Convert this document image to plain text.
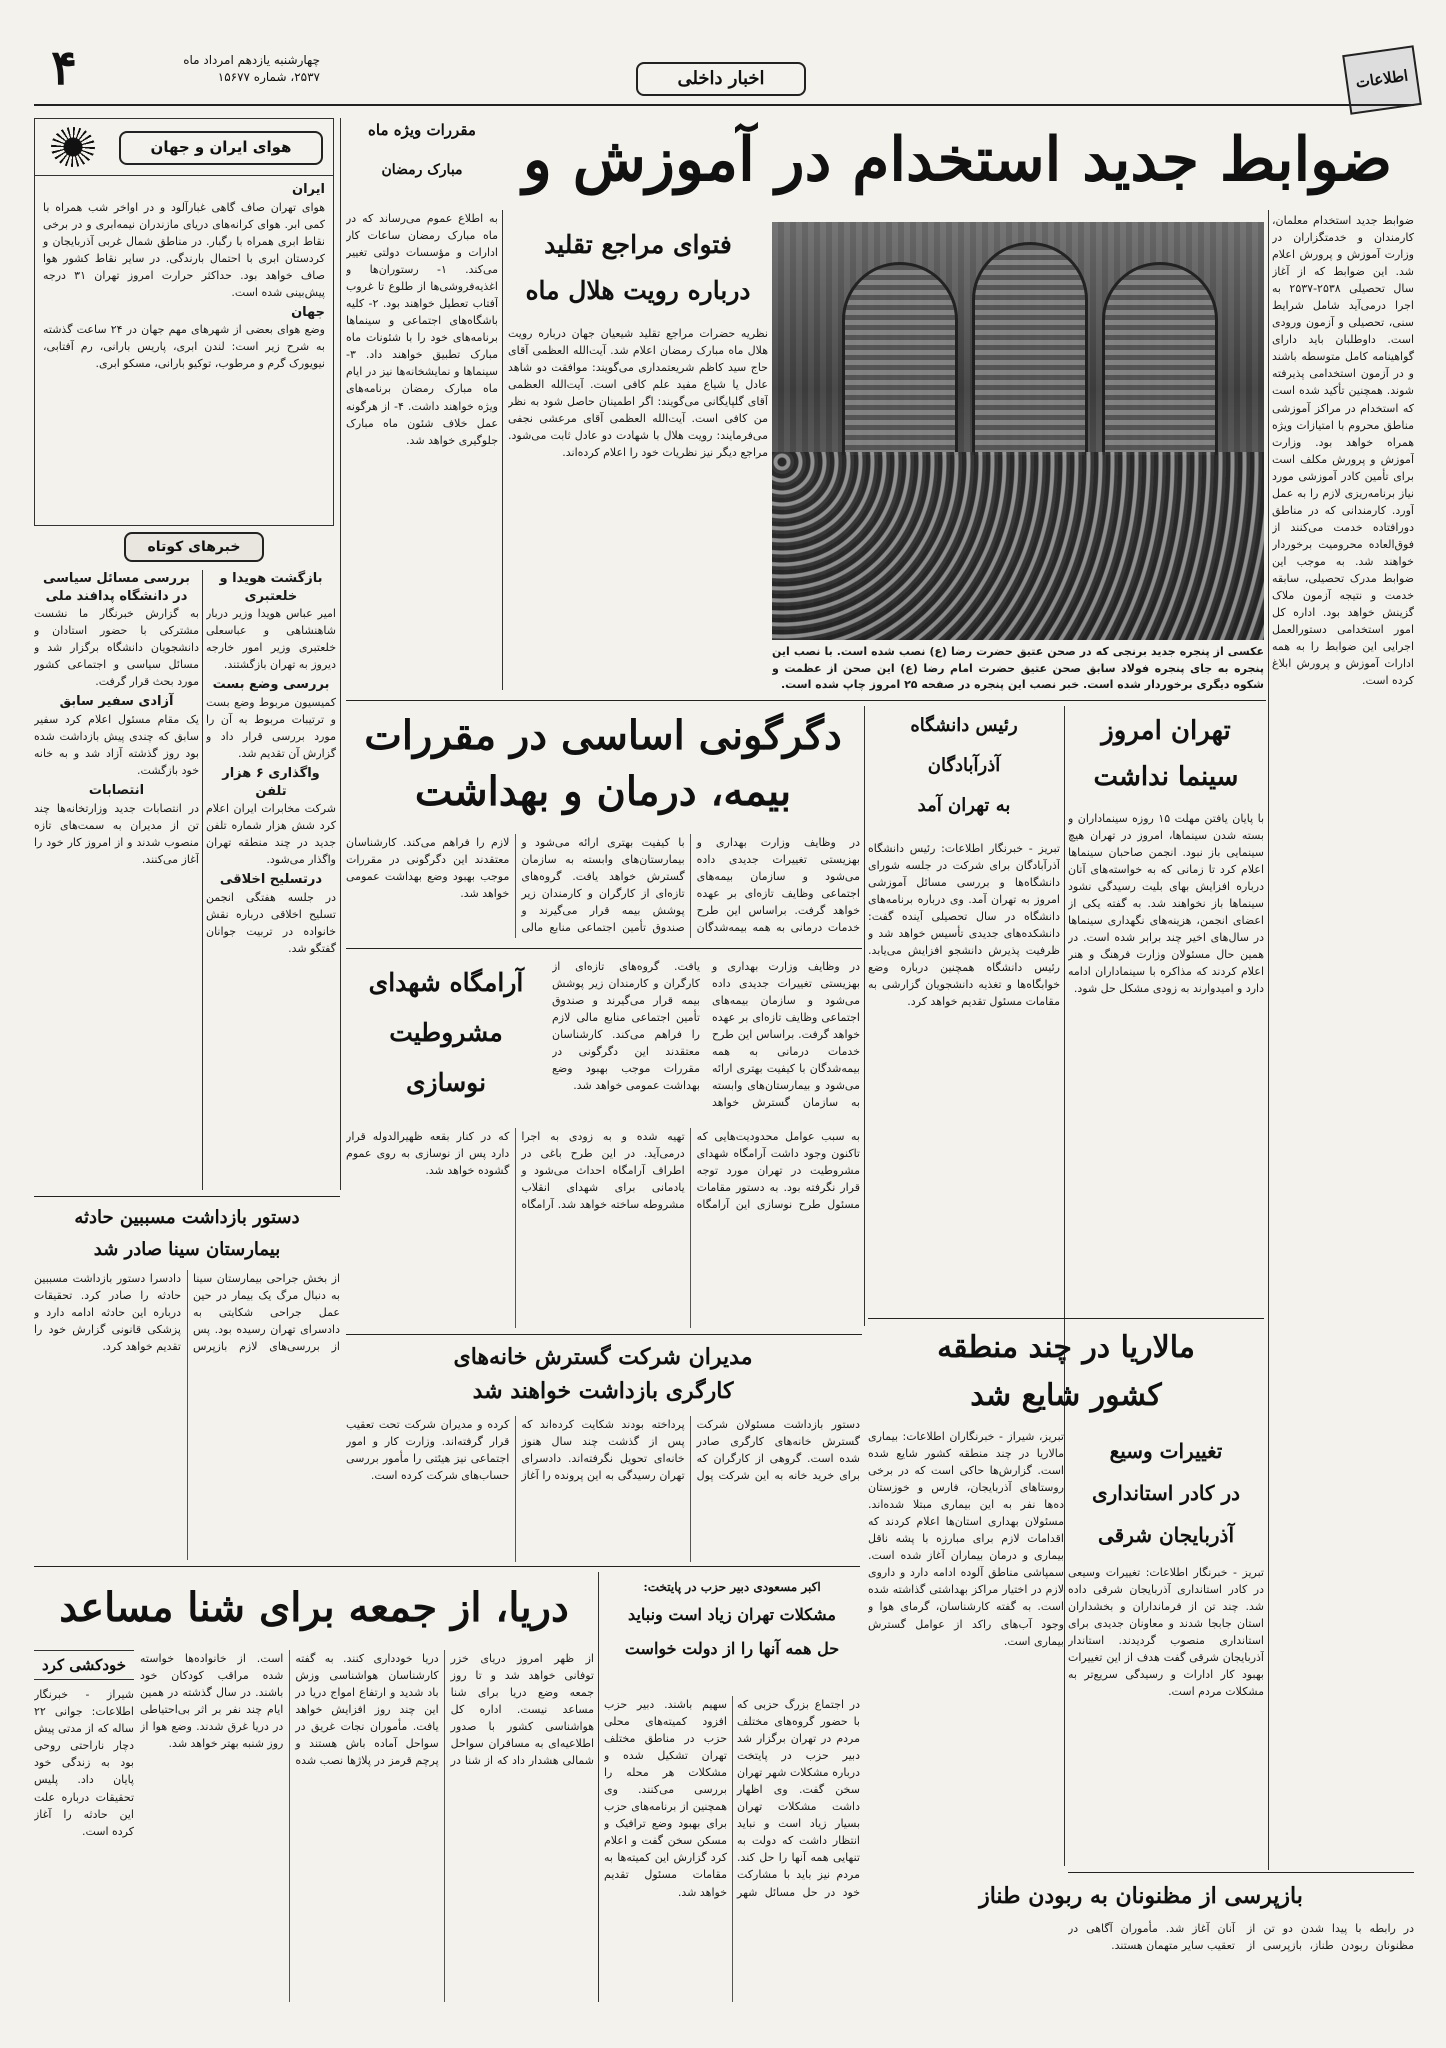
۴	چهارشنبه یازدهم امرداد ماه
۲۵۳۷، شماره ۱۵۶۷۷	اخبار داخلی	اطلاعات
ضوابط جدید استخدام در آموزش و
هوای ایران و جهان
ایران

هوای تهران صاف گاهی غبارآلود و در اواخر شب همراه با کمی ابر. هوای کرانه‌های دریای مازندران نیمه‌ابری و در برخی نقاط ابری همراه با رگبار. در مناطق شمال غربی آذربایجان و کردستان ابری با احتمال بارندگی. در سایر نقاط کشور هوا صاف خواهد بود. حداکثر حرارت امروز تهران ۳۱ درجه پیش‌بینی شده است.

جهان

وضع هوای بعضی از شهرهای مهم جهان در ۲۴ ساعت گذشته به شرح زیر است: لندن ابری، پاریس بارانی، رم آفتابی، نیویورک گرم و مرطوب، توکیو بارانی، مسکو ابری.

خبرهای کوتاه
بررسی مسائل سیاسی در دانشگاه پدافند ملی

به گزارش خبرنگار ما نشست مشترکی با حضور استادان و دانشجویان دانشگاه برگزار شد و مسائل سیاسی و اجتماعی کشور مورد بحث قرار گرفت.

آزادی سفیر سابق

یک مقام مسئول اعلام کرد سفیر سابق که چندی پیش بازداشت شده بود روز گذشته آزاد شد و به خانه خود بازگشت.

انتصابات

در انتصابات جدید وزارتخانه‌ها چند تن از مدیران به سمت‌های تازه منصوب شدند و از امروز کار خود را آغاز می‌کنند.

بازگشت هویدا و خلعتبری

امیر عباس هویدا وزیر دربار شاهنشاهی و عباسعلی خلعتبری وزیر امور خارجه دیروز به تهران بازگشتند.

بررسی وضع بست

کمیسیون مربوط وضع بست و ترتیبات مربوط به آن را مورد بررسی قرار داد و گزارش آن تقدیم شد.

واگذاری ۶ هزار تلفن

شرکت مخابرات ایران اعلام کرد شش هزار شماره تلفن جدید در چند منطقه تهران واگذار می‌شود.

درتسلیح اخلاقی

در جلسه هفتگی انجمن تسلیح اخلاقی درباره نقش خانواده در تربیت جوانان گفتگو شد.

مقررات ویژه ماه
مبارک رمضان
به اطلاع عموم می‌رساند که در ماه مبارک رمضان ساعات کار ادارات و مؤسسات دولتی تغییر می‌کند. ۱- رستوران‌ها و اغذیه‌فروشی‌ها از طلوع تا غروب آفتاب تعطیل خواهند بود. ۲- کلیه باشگاه‌های اجتماعی و سینماها برنامه‌های خود را با شئونات ماه مبارک تطبیق خواهند داد. ۳- سینماها و نمایشخانه‌ها نیز در ایام ماه مبارک رمضان برنامه‌های ویژه خواهند داشت. ۴- از هرگونه عمل خلاف شئون ماه مبارک جلوگیری خواهد شد.
فتوای مراجع تقلید
درباره رویت هلال ماه
نظریه حضرات مراجع تقلید شیعیان جهان درباره رویت هلال ماه مبارک رمضان اعلام شد. آیت‌الله العظمی آقای حاج سید کاظم شریعتمداری می‌گویند: موافقت دو شاهد عادل یا شیاع مفید علم کافی است. آیت‌الله العظمی آقای گلپایگانی می‌گویند: اگر اطمینان حاصل شود به نظر من کافی است. آیت‌الله العظمی آقای مرعشی نجفی می‌فرمایند: رویت هلال با شهادت دو عادل ثابت می‌شود. مراجع دیگر نیز نظریات خود را اعلام کرده‌اند.
عکسی از پنجره جدید برنجی که در صحن عتیق حضرت رضا (ع) نصب شده است. با نصب این پنجره به جای پنجره فولاد سابق صحن عتیق حضرت امام رضا (ع) این صحن از عظمت و شکوه دیگری برخوردار شده است. خبر نصب این پنجره در صفحه ۲۵ امروز چاپ شده است.
ضوابط جدید استخدام معلمان، کارمندان و خدمتگزاران در وزارت آموزش و پرورش اعلام شد. این ضوابط که از آغاز سال تحصیلی ۲۵۳۸-۲۵۳۷ به اجرا درمی‌آید شامل شرایط سنی، تحصیلی و آزمون ورودی است. داوطلبان باید دارای گواهینامه کامل متوسطه باشند و در آزمون استخدامی پذیرفته شوند. همچنین تأکید شده است که استخدام در مراکز آموزشی مناطق محروم با امتیازات ویژه همراه خواهد بود. وزارت آموزش و پرورش مکلف است برای تأمین کادر آموزشی مورد نیاز برنامه‌ریزی لازم را به عمل آورد. کارمندانی که در مناطق دورافتاده خدمت می‌کنند از فوق‌العاده محرومیت برخوردار خواهند شد. به موجب این ضوابط مدرک تحصیلی، سابقه خدمت و نتیجه آزمون ملاک گزینش خواهد بود. اداره کل امور استخدامی دستورالعمل اجرایی این ضوابط را به همه ادارات آموزش و پرورش ابلاغ کرده است.
تهران امروز
سینما نداشت
با پایان یافتن مهلت ۱۵ روزه سینماداران و بسته شدن سینماها، امروز در تهران هیچ سینمایی باز نبود. انجمن صاحبان سینماها اعلام کرد تا زمانی که به خواسته‌های آنان درباره افزایش بهای بلیت رسیدگی نشود سینماها باز نخواهند شد. به گفته یکی از اعضای انجمن، هزینه‌های نگهداری سینماها در سال‌های اخیر چند برابر شده است. در همین حال مسئولان وزارت فرهنگ و هنر اعلام کردند که مذاکره با سینماداران ادامه دارد و امیدوارند به زودی مشکل حل شود.
رئیس دانشگاه
آذرآبادگان
به تهران آمد
تبریز - خبرنگار اطلاعات: رئیس دانشگاه آذرآبادگان برای شرکت در جلسه شورای دانشگاه‌ها و بررسی مسائل آموزشی امروز به تهران آمد. وی درباره برنامه‌های دانشگاه در سال تحصیلی آینده گفت: دانشکده‌های جدیدی تأسیس خواهد شد و ظرفیت پذیرش دانشجو افزایش می‌یابد. رئیس دانشگاه همچنین درباره وضع خوابگاه‌ها و تغذیه دانشجویان گزارشی به مقامات مسئول تقدیم خواهد کرد.
دگرگونی اساسی در مقررات
بیمه، درمان و بهداشت
در وظایف وزارت بهداری و بهزیستی تغییرات جدیدی داده می‌شود و سازمان بیمه‌های اجتماعی وظایف تازه‌ای بر عهده خواهد گرفت. براساس این طرح خدمات درمانی به همه بیمه‌شدگان با کیفیت بهتری ارائه می‌شود و بیمارستان‌های وابسته به سازمان گسترش خواهد یافت. گروه‌های تازه‌ای از کارگران و کارمندان زیر پوشش بیمه قرار می‌گیرند و صندوق تأمین اجتماعی منابع مالی لازم را فراهم می‌کند. کارشناسان معتقدند این دگرگونی در مقررات موجب بهبود وضع بهداشت عمومی خواهد شد.
آرامگاه شهدای
مشروطیت نوسازی
به سبب عوامل محدودیت‌هایی که تاکنون وجود داشت آرامگاه شهدای مشروطیت در تهران مورد توجه قرار نگرفته بود. به دستور مقامات مسئول طرح نوسازی این آرامگاه تهیه شده و به زودی به اجرا درمی‌آید. در این طرح باغی در اطراف آرامگاه احداث می‌شود و یادمانی برای شهدای انقلاب مشروطه ساخته خواهد شد. آرامگاه که در کنار بقعه ظهیرالدوله قرار دارد پس از نوسازی به روی عموم گشوده خواهد شد.
در وظایف وزارت بهداری و بهزیستی تغییرات جدیدی داده می‌شود و سازمان بیمه‌های اجتماعی وظایف تازه‌ای بر عهده خواهد گرفت. براساس این طرح خدمات درمانی به همه بیمه‌شدگان با کیفیت بهتری ارائه می‌شود و بیمارستان‌های وابسته به سازمان گسترش خواهد یافت. گروه‌های تازه‌ای از کارگران و کارمندان زیر پوشش بیمه قرار می‌گیرند و صندوق تأمین اجتماعی منابع مالی لازم را فراهم می‌کند. کارشناسان معتقدند این دگرگونی در مقررات موجب بهبود وضع بهداشت عمومی خواهد شد.
دستور بازداشت مسببین حادثه
بیمارستان سینا صادر شد
از بخش جراحی بیمارستان سینا به دنبال مرگ یک بیمار در حین عمل جراحی شکایتی به دادسرای تهران رسیده بود. پس از بررسی‌های لازم بازپرس دادسرا دستور بازداشت مسببین حادثه را صادر کرد. تحقیقات درباره این حادثه ادامه دارد و پزشکی قانونی گزارش خود را تقدیم خواهد کرد.	مدیران شرکت گسترش خانه‌های
کارگری بازداشت خواهند شد
دستور بازداشت مسئولان شرکت گسترش خانه‌های کارگری صادر شده است. گروهی از کارگران که برای خرید خانه به این شرکت پول پرداخته بودند شکایت کرده‌اند که پس از گذشت چند سال هنوز خانه‌ای تحویل نگرفته‌اند. دادسرای تهران رسیدگی به این پرونده را آغاز کرده و مدیران شرکت تحت تعقیب قرار گرفته‌اند. وزارت کار و امور اجتماعی نیز هیئتی را مأمور بررسی حساب‌های شرکت کرده است.
مالاریا در چند منطقه
کشور شایع شد
تبریز، شیراز - خبرنگاران اطلاعات: بیماری مالاریا در چند منطقه کشور شایع شده است. گزارش‌ها حاکی است که در برخی روستاهای آذربایجان، فارس و خوزستان ده‌ها نفر به این بیماری مبتلا شده‌اند. مسئولان بهداری استان‌ها اعلام کردند که اقدامات لازم برای مبارزه با پشه ناقل بیماری و درمان بیماران آغاز شده است. سمپاشی مناطق آلوده ادامه دارد و داروی لازم در اختیار مراکز بهداشتی گذاشته شده است. به گفته کارشناسان، گرمای هوا و وجود آب‌های راکد از عوامل گسترش بیماری است.
تغییرات وسیع
در کادر استانداری
آذربایجان شرقی
تبریز - خبرنگار اطلاعات: تغییرات وسیعی در کادر استانداری آذربایجان شرقی داده شد. چند تن از فرمانداران و بخشداران استان جابجا شدند و معاونان جدیدی برای استانداری منصوب گردیدند. استاندار آذربایجان شرقی گفت هدف از این تغییرات بهبود کار ادارات و رسیدگی سریع‌تر به مشکلات مردم است.
دریا، از جمعه برای شنا مساعد
از ظهر امروز دریای خزر توفانی خواهد شد و تا روز جمعه وضع دریا برای شنا مساعد نیست. اداره کل هواشناسی کشور با صدور اطلاعیه‌ای به مسافران سواحل شمالی هشدار داد که از شنا در دریا خودداری کنند. به گفته کارشناسان هواشناسی وزش باد شدید و ارتفاع امواج دریا در این چند روز افزایش خواهد یافت. مأموران نجات غریق در سواحل آماده باش هستند و پرچم قرمز در پلاژها نصب شده است. از خانواده‌ها خواسته شده مراقب کودکان خود باشند. در سال گذشته در همین ایام چند نفر بر اثر بی‌احتیاطی در دریا غرق شدند. وضع هوا از روز شنبه بهتر خواهد شد.
خودکشی کرد
شیراز - خبرنگار اطلاعات: جوانی ۲۲ ساله که از مدتی پیش دچار ناراحتی روحی بود به زندگی خود پایان داد. پلیس تحقیقات درباره علت این حادثه را آغاز کرده است.
اکبر مسعودی دبیر حزب در پایتخت:
مشکلات تهران زیاد است ونباید
حل همه آنها را از دولت خواست
در اجتماع بزرگ حزبی که با حضور گروه‌های مختلف مردم در تهران برگزار شد دبیر حزب در پایتخت درباره مشکلات شهر تهران سخن گفت. وی اظهار داشت مشکلات تهران بسیار زیاد است و نباید انتظار داشت که دولت به تنهایی همه آنها را حل کند. مردم نیز باید با مشارکت خود در حل مسائل شهر سهیم باشند. دبیر حزب افزود کمیته‌های محلی حزب در مناطق مختلف تهران تشکیل شده و مشکلات هر محله را بررسی می‌کنند. وی همچنین از برنامه‌های حزب برای بهبود وضع ترافیک و مسکن سخن گفت و اعلام کرد گزارش این کمیته‌ها به مقامات مسئول تقدیم خواهد شد.	بازپرسی از مظنونان به ربودن طناز
در رابطه با پیدا شدن دو تن از مظنونان ربودن طناز، بازپرسی از آنان آغاز شد. مأموران آگاهی در تعقیب سایر متهمان هستند.
